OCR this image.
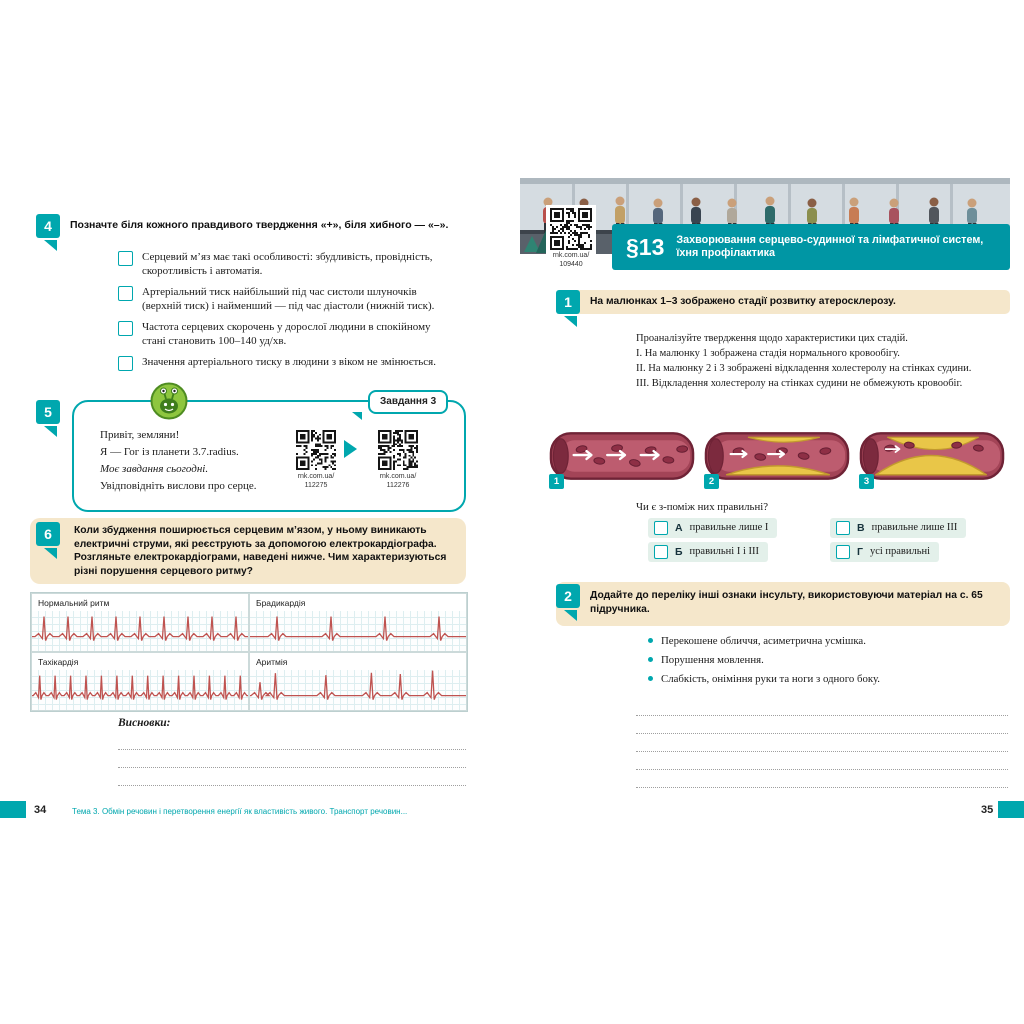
4	Позначте біля кожного правдивого твердження «+», біля хибного — «–».
Серцевий м’яз має такі особливості: збудливість, провідність, скоротливість і автоматія.
Артеріальний тиск найбільший під час систоли шлуночків (верхній тиск) і найменший — під час діастоли (нижній тиск).
Частота серцевих скорочень у дорослої людини в спокійному стані становить 100–140 уд/хв.
Значення артеріального тиску в людини з віком не змінюється.
5
Завдання 3
Привіт, земляни!
Я — Гог із планети 3.7.radius.
Моє завдання сьогодні.
Увідповідніть вислови про серце.
rnk.com.ua/
112275
rnk.com.ua/
112276
6	Коли збудження поширюється серцевим м’язом, у ньому виникають електричні струми, які реєструють за допомогою електрокардіографа. Розгляньте електрокардіограми, наведені нижче. Чим характеризуються різні порушення серцевого ритму?
Нормальний ритм	Брадикардія
Тахікардія	Аритмія
Висновки:
34	Тема 3. Обмін речовин і перетворення енергії як властивість живого. Транспорт речовин...
rnk.com.ua/
109440
§13 Захворювання серцево-судинної та лімфатичної систем, їхня профілактика
1	На малюнках 1–3 зображено стадії розвитку атеросклерозу.
Проаналізуйте твердження щодо характеристики цих стадій.
І. На малюнку 1 зображена стадія нормального кровообігу.
ІІ. На малюнку 2 і 3 зображені відкладення холестеролу на стінках судини.
ІІІ. Відкладення холестеролу на стінках судини не обмежують кровообіг.
1	2	3
Чи є з-поміж них правильні?
А правильне лише І
Б правильні І і ІІІ
В правильне лише ІІІ
Г усі правильні
2	Додайте до переліку інші ознаки інсульту, використовуючи матеріал на с. 65 підручника.
Перекошене обличчя, асиметрична усмішка.
Порушення мовлення.
Слабкість, оніміння руки та ноги з одного боку.
35
